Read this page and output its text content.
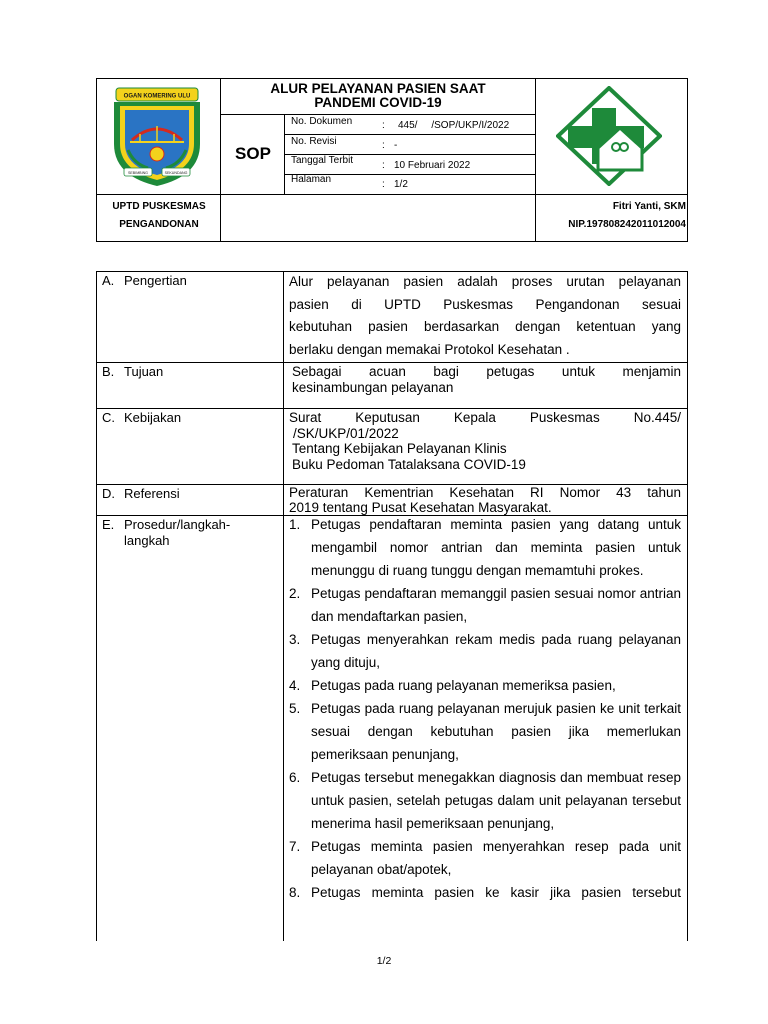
OGAN KOMERING ULU
SEBIMBING	SEKUNDANG
ALUR PELAYANAN PASIEN SAAT
PANDEMI COVID-19
SOP
No. Dokumen	: 445/     /SOP/UKP/I/2022
No. Revisi	: -
Tanggal Terbit	: 10 Februari 2022
Halaman	: 1/2
UPTD PUSKESMAS
PENGANDONAN
Fitri Yanti, SKM
NIP.197808242011012004
A. Pengertian	Alur pelayanan pasien adalah proses urutan pelayanan
pasien di UPTD Puskesmas Pengandonan sesuai
kebutuhan pasien berdasarkan dengan ketentuan yang
berlaku dengan memakai Protokol Kesehatan .
B. Tujuan	Sebagai acuan bagi petugas untuk menjamin
kesinambungan pelayanan
C. Kebijakan	Surat Keputusan Kepala Puskesmas No.445/
/SK/UKP/01/2022
Tentang Kebijakan Pelayanan Klinis
Buku Pedoman Tatalaksana COVID-19
D. Referensi	Peraturan Kementrian Kesehatan RI Nomor 43 tahun
2019 tentang Pusat Kesehatan Masyarakat.
E. Prosedur/langkah-
langkah
1. Petugas pendaftaran meminta pasien yang datang untuk mengambil nomor antrian dan meminta pasien untuk menunggu di ruang tunggu dengan memamtuhi prokes.
2. Petugas pendaftaran memanggil pasien sesuai nomor antrian dan mendaftarkan pasien,
3. Petugas menyerahkan rekam medis pada ruang pelayanan yang dituju,
4. Petugas pada ruang pelayanan memeriksa pasien,
5. Petugas pada ruang pelayanan merujuk pasien ke unit terkait sesuai dengan kebutuhan pasien jika memerlukan pemeriksaan penunjang,
6. Petugas tersebut menegakkan diagnosis dan membuat resep untuk pasien, setelah petugas dalam unit pelayanan tersebut menerima hasil pemeriksaan penunjang,
7. Petugas meminta pasien menyerahkan resep pada unit pelayanan obat/apotek,
8. Petugas meminta pasien ke kasir jika pasien tersebut
1/2
